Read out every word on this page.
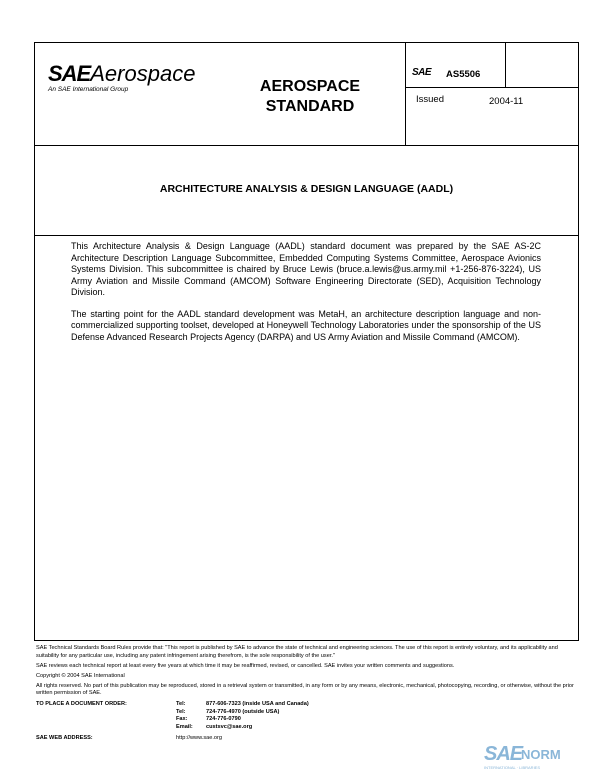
SAEAerospace
An SAE International Group	AEROSPACE
STANDARD
SAE AS5506
Issued	2004-11
ARCHITECTURE ANALYSIS & DESIGN LANGUAGE (AADL)

This Architecture Analysis & Design Language (AADL) standard document was prepared by the SAE AS-2C Architecture Description Language Subcommittee, Embedded Computing Systems Committee, Aerospace Avionics Systems Division. This subcommittee is chaired by Bruce Lewis (bruce.a.lewis@us.army.mil +1-256-876-3224), US Army Aviation and Missile Command (AMCOM) Software Engineering Directorate (SED), Acquisition Technology Division.

The starting point for the AADL standard development was MetaH, an architecture description language and non-commercialized supporting toolset, developed at Honeywell Technology Laboratories under the sponsorship of the US Defense Advanced Research Projects Agency (DARPA) and US Army Aviation and Missile Command (AMCOM).

SAE Technical Standards Board Rules provide that: "This report is published by SAE to advance the state of technical and engineering sciences. The use of this report is entirely voluntary, and its applicability and suitability for any particular use, including any patent infringement arising therefrom, is the sole responsibility of the user."
SAE reviews each technical report at least every five years at which time it may be reaffirmed, revised, or cancelled. SAE invites your written comments and suggestions.
Copyright © 2004 SAE International
All rights reserved. No part of this publication may be reproduced, stored in a retrieval system or transmitted, in any form or by any means, electronic, mechanical, photocopying, recording, or otherwise, without the prior written permission of SAE.
TO PLACE A DOCUMENT ORDER:	Tel:	877-606-7323 (inside USA and Canada)
Tel:	724-776-4970 (outside USA)
Fax:	724-776-0790
Email:	custsvc@sae.org
SAE WEB ADDRESS:	http://www.sae.org
SAE
NORM
INTERNATIONAL · LIBRARIES
